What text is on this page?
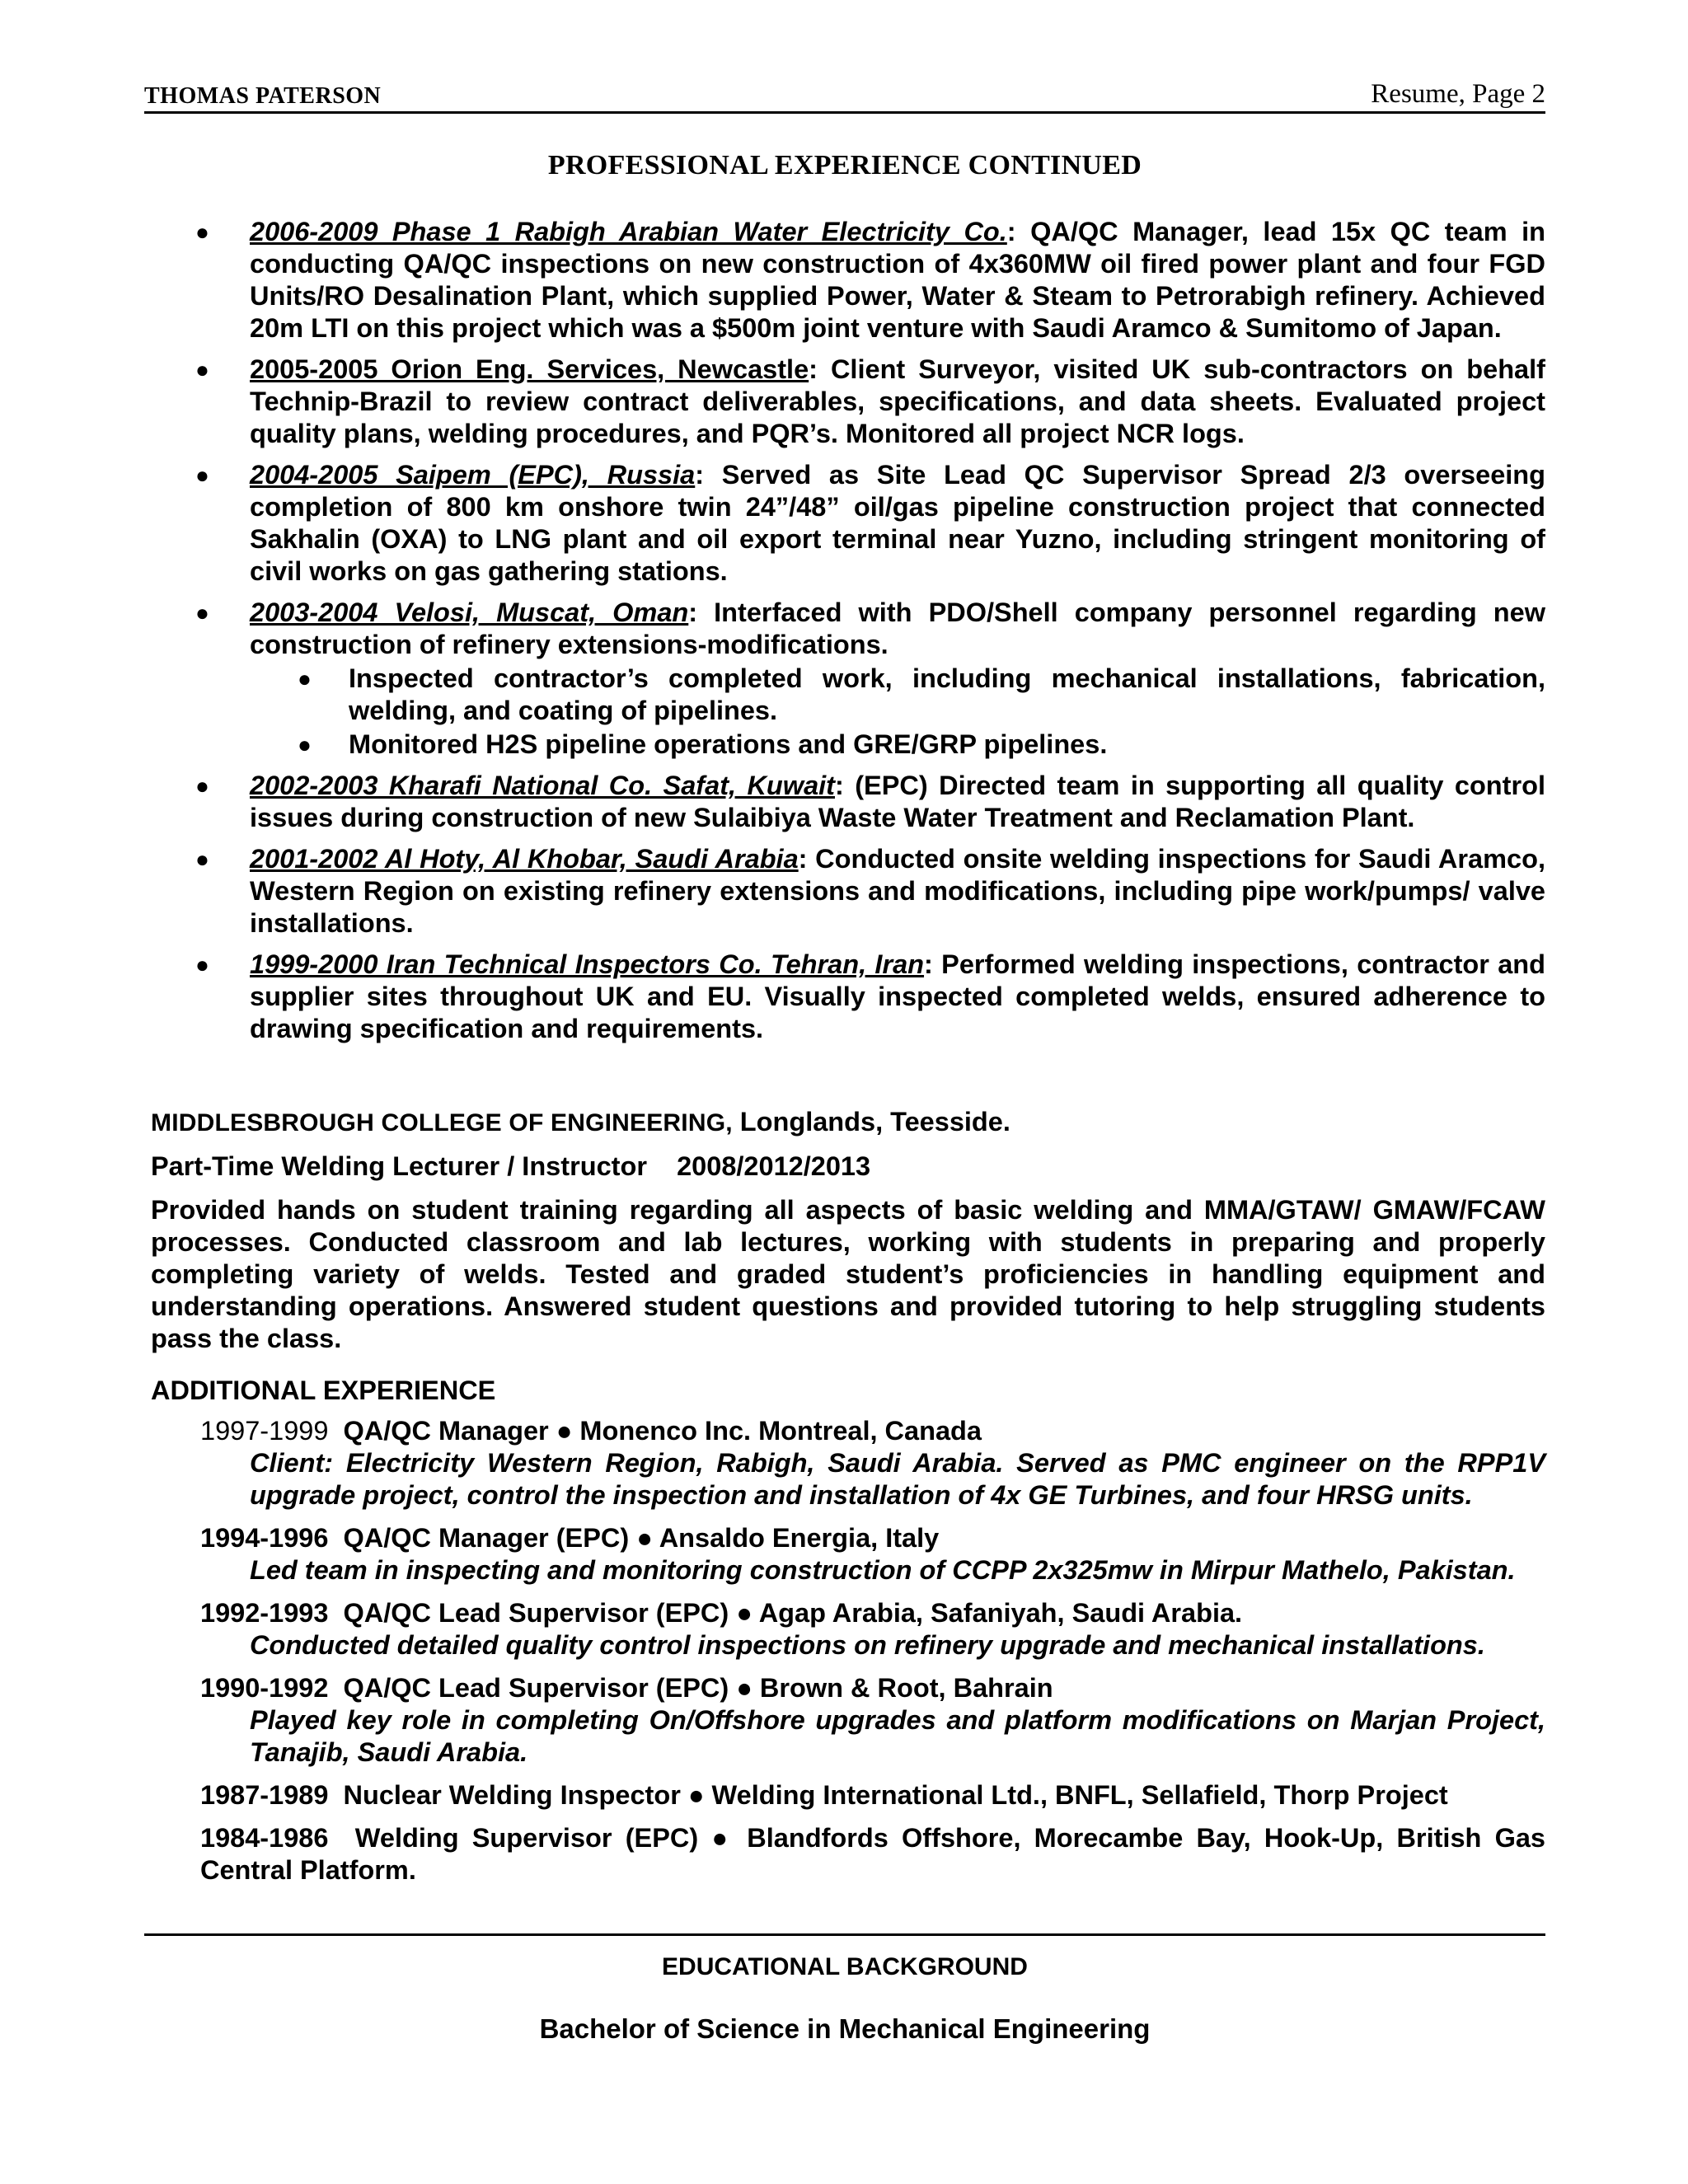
THOMAS PATERSON	Resume, Page 2
PROFESSIONAL EXPERIENCE CONTINUED
● 2006-2009 Phase 1 Rabigh Arabian Water Electricity Co.: QA/QC Manager, lead 15x QC team in conducting QA/QC inspections on new construction of 4x360MW oil fired power plant and four FGD Units/RO Desalination Plant, which supplied Power, Water & Steam to Petrorabigh refinery. Achieved 20m LTI on this project which was a $500m joint venture with Saudi Aramco & Sumitomo of Japan.
● 2005-2005 Orion Eng. Services, Newcastle: Client Surveyor, visited UK sub-contractors on behalf Technip-Brazil to review contract deliverables, specifications, and data sheets. Evaluated project quality plans, welding procedures, and PQR’s. Monitored all project NCR logs.
● 2004-2005 Saipem (EPC), Russia: Served as Site Lead QC Supervisor Spread 2/3 overseeing completion of 800 km onshore twin 24”/48” oil/gas pipeline construction project that connected Sakhalin (OXA) to LNG plant and oil export terminal near Yuzno, including stringent monitoring of civil works on gas gathering stations.
● 2003-2004 Velosi, Muscat, Oman: Interfaced with PDO/Shell company personnel regarding new construction of refinery extensions-modifications.
● Inspected contractor’s completed work, including mechanical installations, fabrication, welding, and coating of pipelines.
● Monitored H2S pipeline operations and GRE/GRP pipelines.
● 2002-2003 Kharafi National Co. Safat, Kuwait: (EPC) Directed team in supporting all quality control issues during construction of new Sulaibiya Waste Water Treatment and Reclamation Plant.
● 2001-2002 Al Hoty, Al Khobar, Saudi Arabia: Conducted onsite welding inspections for Saudi Aramco, Western Region on existing refinery extensions and modifications, including pipe work/pumps/ valve installations.
● 1999-2000 Iran Technical Inspectors Co. Tehran, Iran: Performed welding inspections, contractor and supplier sites throughout UK and EU. Visually inspected completed welds, ensured adherence to drawing specification and requirements.
MIDDLESBROUGH COLLEGE OF ENGINEERING, Longlands, Teesside.
Part-Time Welding Lecturer / Instructor 2008/2012/2013
Provided hands on student training regarding all aspects of basic welding and MMA/GTAW/ GMAW/FCAW processes. Conducted classroom and lab lectures, working with students in preparing and properly completing variety of welds. Tested and graded student’s proficiencies in handling equipment and understanding operations. Answered student questions and provided tutoring to help struggling students pass the class.
ADDITIONAL EXPERIENCE
1997-1999 QA/QC Manager ● Monenco Inc. Montreal, Canada
Client: Electricity Western Region, Rabigh, Saudi Arabia. Served as PMC engineer on the RPP1V upgrade project, control the inspection and installation of 4x GE Turbines, and four HRSG units.
1994-1996 QA/QC Manager (EPC) ● Ansaldo Energia, Italy
Led team in inspecting and monitoring construction of CCPP 2x325mw in Mirpur Mathelo, Pakistan.
1992-1993 QA/QC Lead Supervisor (EPC) ● Agap Arabia, Safaniyah, Saudi Arabia.
Conducted detailed quality control inspections on refinery upgrade and mechanical installations.
1990-1992 QA/QC Lead Supervisor (EPC) ● Brown & Root, Bahrain
Played key role in completing On/Offshore upgrades and platform modifications on Marjan Project, Tanajib, Saudi Arabia.
1987-1989 Nuclear Welding Inspector ● Welding International Ltd., BNFL, Sellafield, Thorp Project
1984-1986 Welding Supervisor (EPC) ● Blandfords Offshore, Morecambe Bay, Hook-Up, British Gas Central Platform.
EDUCATIONAL BACKGROUND
Bachelor of Science in Mechanical Engineering
